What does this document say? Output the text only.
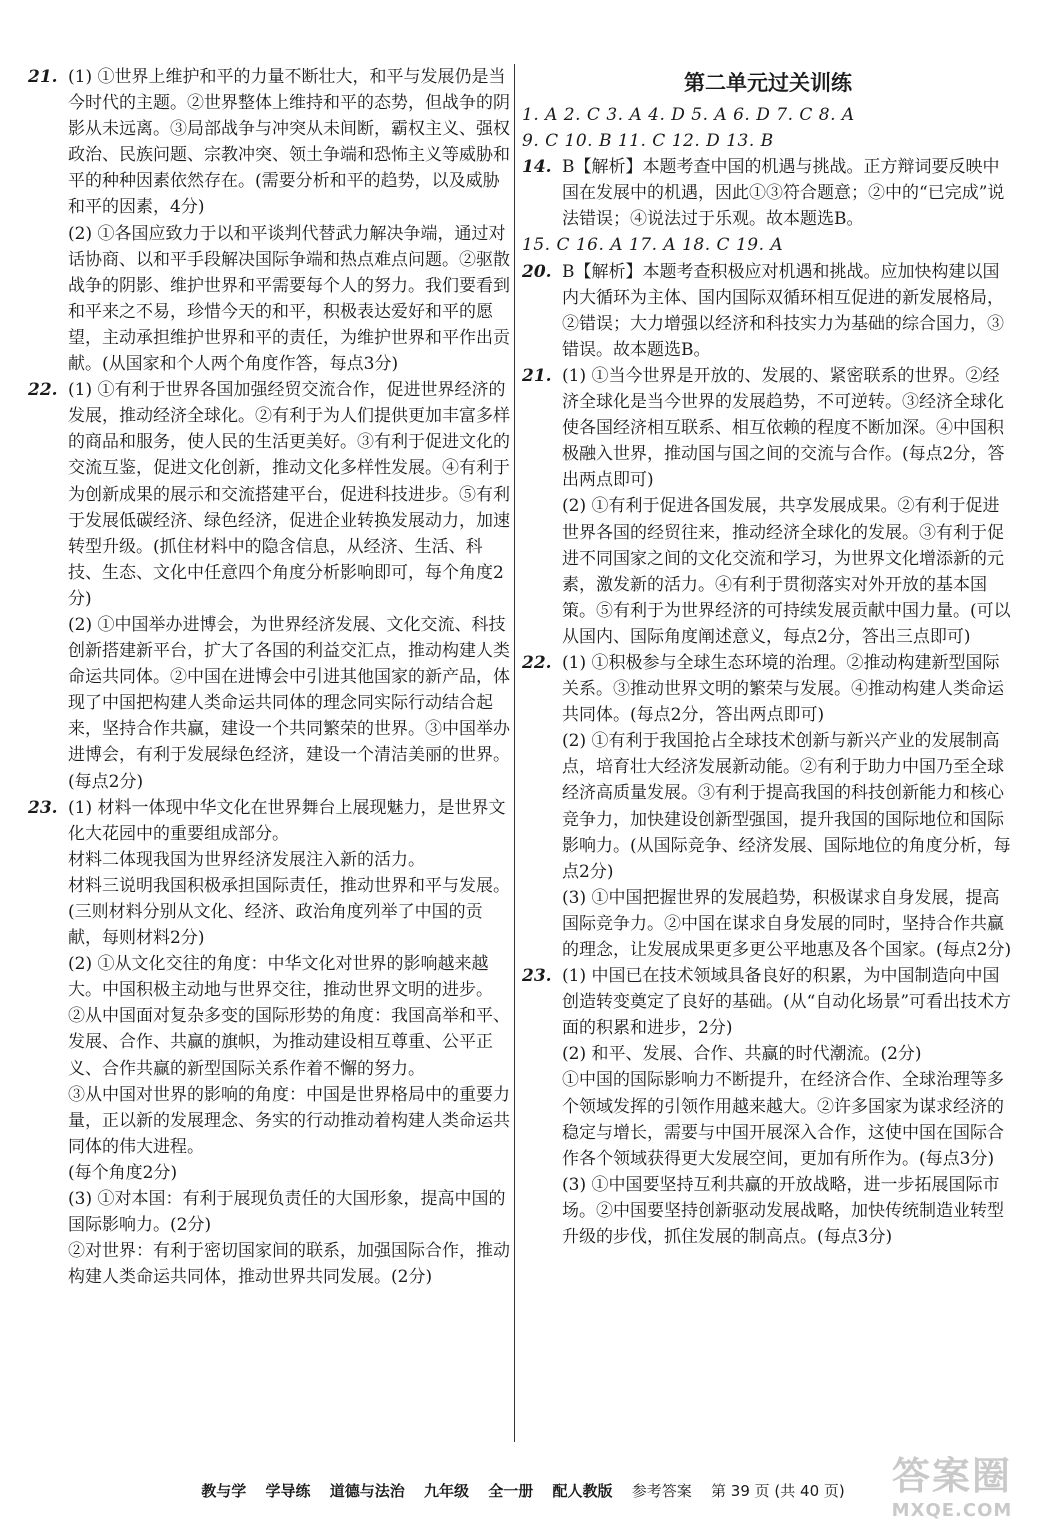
21. (1) ①世界上维护和平的力量不断壮大，和平与发展仍是当今时代的主题。②世界整体上维持和平的态势，但战争的阴影从未远离。③局部战争与冲突从未间断，霸权主义、强权政治、民族问题、宗教冲突、领土争端和恐怖主义等威胁和平的种种因素依然存在。(需要分析和平的趋势，以及威胁和平的因素，4分)

(2) ①各国应致力于以和平谈判代替武力解决争端，通过对话协商、以和平手段解决国际争端和热点难点问题。②驱散战争的阴影、维护世界和平需要每个人的努力。我们要看到和平来之不易，珍惜今天的和平，积极表达爱好和平的愿望，主动承担维护世界和平的责任，为维护世界和平作出贡献。(从国家和个人两个角度作答，每点3分)

22. (1) ①有利于世界各国加强经贸交流合作，促进世界经济的发展，推动经济全球化。②有利于为人们提供更加丰富多样的商品和服务，使人民的生活更美好。③有利于促进文化的交流互鉴，促进文化创新，推动文化多样性发展。④有利于为创新成果的展示和交流搭建平台，促进科技进步。⑤有利于发展低碳经济、绿色经济，促进企业转换发展动力，加速转型升级。(抓住材料中的隐含信息，从经济、生活、科技、生态、文化中任意四个角度分析影响即可，每个角度2分)

(2) ①中国举办进博会，为世界经济发展、文化交流、科技创新搭建新平台，扩大了各国的利益交汇点，推动构建人类命运共同体。②中国在进博会中引进其他国家的新产品，体现了中国把构建人类命运共同体的理念同实际行动结合起来，坚持合作共赢，建设一个共同繁荣的世界。③中国举办进博会，有利于发展绿色经济，建设一个清洁美丽的世界。(每点2分)

23. (1) 材料一体现中华文化在世界舞台上展现魅力，是世界文化大花园中的重要组成部分。

材料二体现我国为世界经济发展注入新的活力。

材料三说明我国积极承担国际责任，推动世界和平与发展。

(三则材料分别从文化、经济、政治角度列举了中国的贡献，每则材料2分)

(2) ①从文化交往的角度：中华文化对世界的影响越来越大。中国积极主动地与世界交往，推动世界文明的进步。

②从中国面对复杂多变的国际形势的角度：我国高举和平、发展、合作、共赢的旗帜，为推动建设相互尊重、公平正义、合作共赢的新型国际关系作着不懈的努力。

③从中国对世界的影响的角度：中国是世界格局中的重要力量，正以新的发展理念、务实的行动推动着构建人类命运共同体的伟大进程。

(每个角度2分)

(3) ①对本国：有利于展现负责任的大国形象，提高中国的国际影响力。(2分)

②对世界：有利于密切国家间的联系，加强国际合作，推动构建人类命运共同体，推动世界共同发展。(2分)

第二单元过关训练
1. A 2. C 3. A 4. D 5. A 6. D 7. C 8. A
9. C 10. B 11. C 12. D 13. B
14. B【解析】本题考查中国的机遇与挑战。正方辩词要反映中国在发展中的机遇，因此①③符合题意；②中的“已完成”说法错误；④说法过于乐观。故本题选B。
15. C 16. A 17. A 18. C 19. A
20. B【解析】本题考查积极应对机遇和挑战。应加快构建以国内大循环为主体、国内国际双循环相互促进的新发展格局，②错误；大力增强以经济和科技实力为基础的综合国力，③错误。故本题选B。
21. (1) ①当今世界是开放的、发展的、紧密联系的世界。②经济全球化是当今世界的发展趋势，不可逆转。③经济全球化使各国经济相互联系、相互依赖的程度不断加深。④中国积极融入世界，推动国与国之间的交流与合作。(每点2分，答出两点即可)

(2) ①有利于促进各国发展，共享发展成果。②有利于促进世界各国的经贸往来，推动经济全球化的发展。③有利于促进不同国家之间的文化交流和学习，为世界文化增添新的元素，激发新的活力。④有利于贯彻落实对外开放的基本国策。⑤有利于为世界经济的可持续发展贡献中国力量。(可以从国内、国际角度阐述意义，每点2分，答出三点即可)

22. (1) ①积极参与全球生态环境的治理。②推动构建新型国际关系。③推动世界文明的繁荣与发展。④推动构建人类命运共同体。(每点2分，答出两点即可)

(2) ①有利于我国抢占全球技术创新与新兴产业的发展制高点，培育壮大经济发展新动能。②有利于助力中国乃至全球经济高质量发展。③有利于提高我国的科技创新能力和核心竞争力，加快建设创新型强国，提升我国的国际地位和国际影响力。(从国际竞争、经济发展、国际地位的角度分析，每点2分)

(3) ①中国把握世界的发展趋势，积极谋求自身发展，提高国际竞争力。②中国在谋求自身发展的同时，坚持合作共赢的理念，让发展成果更多更公平地惠及各个国家。(每点2分)

23. (1) 中国已在技术领域具备良好的积累，为中国制造向中国创造转变奠定了良好的基础。(从“自动化场景”可看出技术方面的积累和进步，2分)

(2) 和平、发展、合作、共赢的时代潮流。(2分)

①中国的国际影响力不断提升，在经济合作、全球治理等多个领域发挥的引领作用越来越大。②许多国家为谋求经济的稳定与增长，需要与中国开展深入合作，这使中国在国际合作各个领域获得更大发展空间，更加有所作为。(每点3分)

(3) ①中国要坚持互利共赢的开放战略，进一步拓展国际市场。②中国要坚持创新驱动发展战略，加快传统制造业转型升级的步伐，抓住发展的制高点。(每点3分)

教与学 学导练 道德与法治 九年级 全一册 配人教版 参考答案 第 39 页 (共 40 页)	答案圈
MXQE.COM
